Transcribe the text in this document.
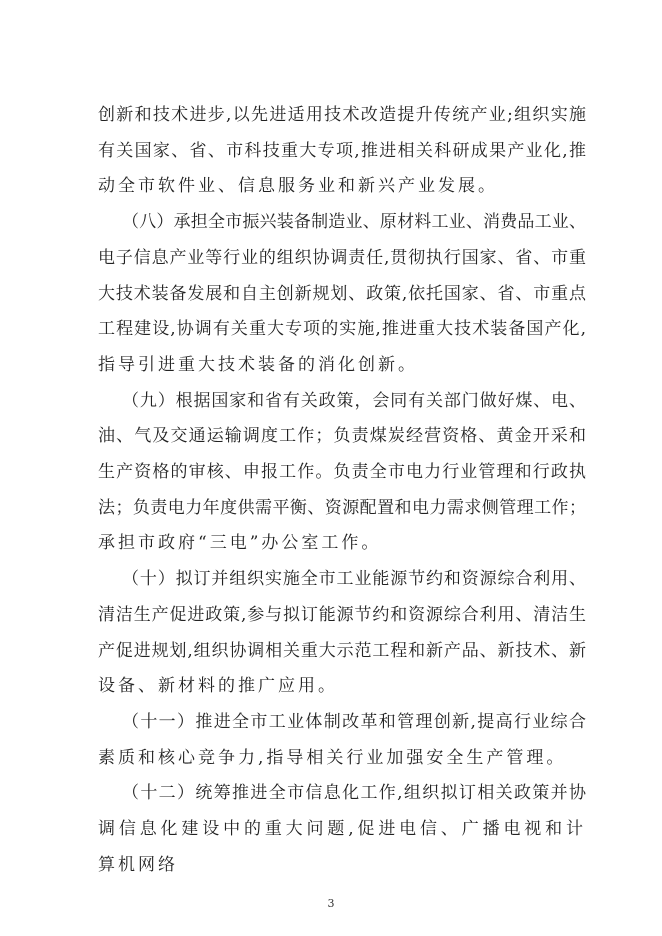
创新和技术进步,以先进适用技术改造提升传统产业;组织实施
有关国家、省、市科技重大专项,推进相关科研成果产业化,推
动全市软件业、信息服务业和新兴产业发展。
（八）承担全市振兴装备制造业、原材料工业、消费品工业、
电子信息产业等行业的组织协调责任,贯彻执行国家、省、市重
大技术装备发展和自主创新规划、政策,依托国家、省、市重点
工程建设,协调有关重大专项的实施,推进重大技术装备国产化,
指导引进重大技术装备的消化创新。
（九）根据国家和省有关政策，会同有关部门做好煤、电、
油、气及交通运输调度工作；负责煤炭经营资格、黄金开采和
生产资格的审核、申报工作。负责全市电力行业管理和行政执
法；负责电力年度供需平衡、资源配置和电力需求侧管理工作；
承担市政府“三电”办公室工作。
（十）拟订并组织实施全市工业能源节约和资源综合利用、
清洁生产促进政策,参与拟订能源节约和资源综合利用、清洁生
产促进规划,组织协调相关重大示范工程和新产品、新技术、新
设备、新材料的推广应用。
（十一）推进全市工业体制改革和管理创新,提高行业综合
素质和核心竞争力,指导相关行业加强安全生产管理。
（十二）统筹推进全市信息化工作,组织拟订相关政策并协
调信息化建设中的重大问题,促进电信、广播电视和计算机网络
3
